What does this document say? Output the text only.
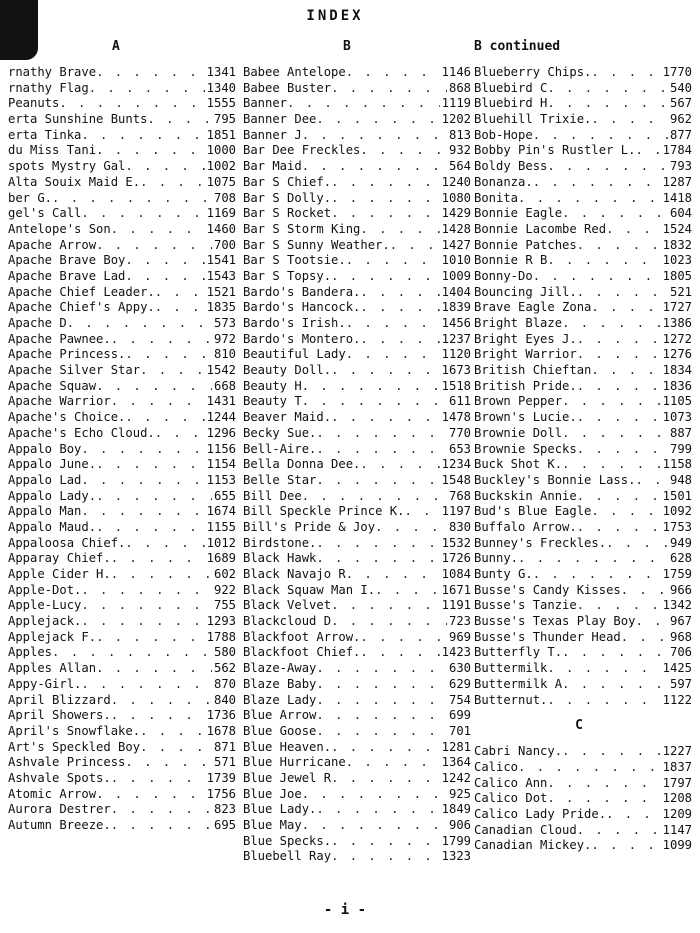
INDEX
A
rnathy Brave . . .	1341
rnathy Flag . . .	1340
Peanuts . . .	1555
erta Sunshine Bunts . . .	795
erta Tinka . . .	1851
du Miss Tani . . .	1000
spots Mystry Gal . . .	1002
Alta Souix Maid E. . . .	1075
ber G. . . .	708
gel's Call . . .	1169
Antelope's Son . . .	1460
Apache Arrow . . .	700
Apache Brave Boy . . .	1541
Apache Brave Lad . . .	1543
Apache Chief Leader. . . .	1521
Apache Chief's Appy. . . .	1835
Apache D . . .	573
Apache Pawnee. . . .	972
Apache Princess. . . .	810
Apache Silver Star . . .	1542
Apache Squaw . . .	668
Apache Warrior . . .	1431
Apache's Choice. . . .	1244
Apache's Echo Cloud. . . .	1296
Appalo Boy . . .	1156
Appalo June. . . .	1154
Appalo Lad . . .	1153
Appalo Lady. . . .	655
Appalo Man . . .	1674
Appalo Maud. . . .	1155
Appaloosa Chief. . . .	1012
Apparay Chief. . . .	1689
Apple Cider H. . . .	602
Apple-Dot. . . .	922
Apple-Lucy . . .	755
Applejack. . . .	1293
Applejack F. . . .	1788
Apples . . .	580
Apples Allan . . .	562
Appy-Girl. . . .	870
April Blizzard . . .	840
April Showers. . . .	1736
April's Snowflake. . . .	1678
Art's Speckled Boy . . .	871
Ashvale Princess . . .	571
Ashvale Spots. . . .	1739
Atomic Arrow . . .	1756
Aurora Destrer . . .	823
Autumn Breeze. . . .	695
B
Babee Antelope . . .	1146
Babee Buster . . .	868
Banner . . .	1119
Banner Dee . . .	1202
Banner J . . .	813
Bar Dee Freckles . . .	932
Bar Maid . . .	564
Bar S Chief. . . .	1240
Bar S Dolly. . . .	1080
Bar S Rocket . . .	1429
Bar S Storm King . . .	1428
Bar S Sunny Weather. . . .	1427
Bar S Tootsie. . . .	1010
Bar S Topsy. . . .	1009
Bardo's Bandera. . . .	1404
Bardo's Hancock. . . .	1839
Bardo's Irish. . . .	1456
Bardo's Montero. . . .	1237
Beautiful Lady . . .	1120
Beauty Doll. . . .	1673
Beauty H . . .	1518
Beauty T . . .	611
Beaver Maid. . . .	1478
Becky Sue. . . .	770
Bell-Aire. . . .	653
Bella Donna Dee. . . .	1234
Belle Star . . .	1548
Bill Dee . . .	768
Bill Speckle Prince K. . . .	1197
Bill's Pride & Joy . . .	830
Birdstone. . . .	1532
Black Hawk . . .	1726
Black Navajo R . . .	1084
Black Squaw Man I. . . .	1671
Black Velvet . . .	1191
Blackcloud D . . .	723
Blackfoot Arrow. . . .	969
Blackfoot Chief. . . .	1423
Blaze-Away . . .	630
Blaze Baby . . .	629
Blaze Lady . . .	754
Blue Arrow . . .	699
Blue Goose . . .	701
Blue Heaven. . . .	1281
Blue Hurricane . . .	1364
Blue Jewel R . . .	1242
Blue Joe . . .	925
Blue Lady. . . .	1849
Blue May . . .	906
Blue Specks. . . .	1799
Bluebell Ray . . .	1323
B continued
Blueberry Chips. . . .	1770
Bluebird C . . .	540
Bluebird H . . .	567
Bluehill Trixie. . . .	962
Bob-Hope . . .	877
Bobby Pin's Rustler L. . . . 1784
Boldy Bess . . .	793
Bonanza. . . .	1287
Bonita . . .	1418
Bonnie Eagle . . .	604
Bonnie Lacombe Red . . .	1524
Bonnie Patches . . .	1832
Bonnie R B . . .	1023
Bonny-Do . . .	1805
Bouncing Jill. . . .	521
Brave Eagle Zona . . .	1727
Bright Blaze . . .	1386
Bright Eyes J. . . .	1272
Bright Warrior . . .	1276
British Chieftan . . .	1834
British Pride. . . .	1836
Brown Pepper . . .	1105
Brown's Lucie. . . .	1073
Brownie Doll . . .	887
Brownie Specks . . .	799
Buck Shot K. . . .	1158
Buckley's Bonnie Lass. . . .	948
Buckskin Annie . . .	1501
Bud's Blue Eagle . . .	1092
Buffalo Arrow. . . .	1753
Bunney's Freckles. . . .	949
Bunny. . . .	628
Bunty G. . . .	1759
Busse's Candy Kisses . . .	966
Busse's Tanzie . . .	1342
Busse's Texas Play Boy . . .	967
Busse's Thunder Head . . .	968
Butterfly T. . . .	706
Buttermilk . . .	1425
Buttermilk A . . .	597
Butternut. . . .	1122
C
Cabri Nancy. . . .	1227
Calico . . .	1837
Calico Ann . . .	1797
Calico Dot . . .	1208
Calico Lady Pride. . . .	1209
Canadian Cloud . . .	1147
Canadian Mickey. . . .	1099
- i -
